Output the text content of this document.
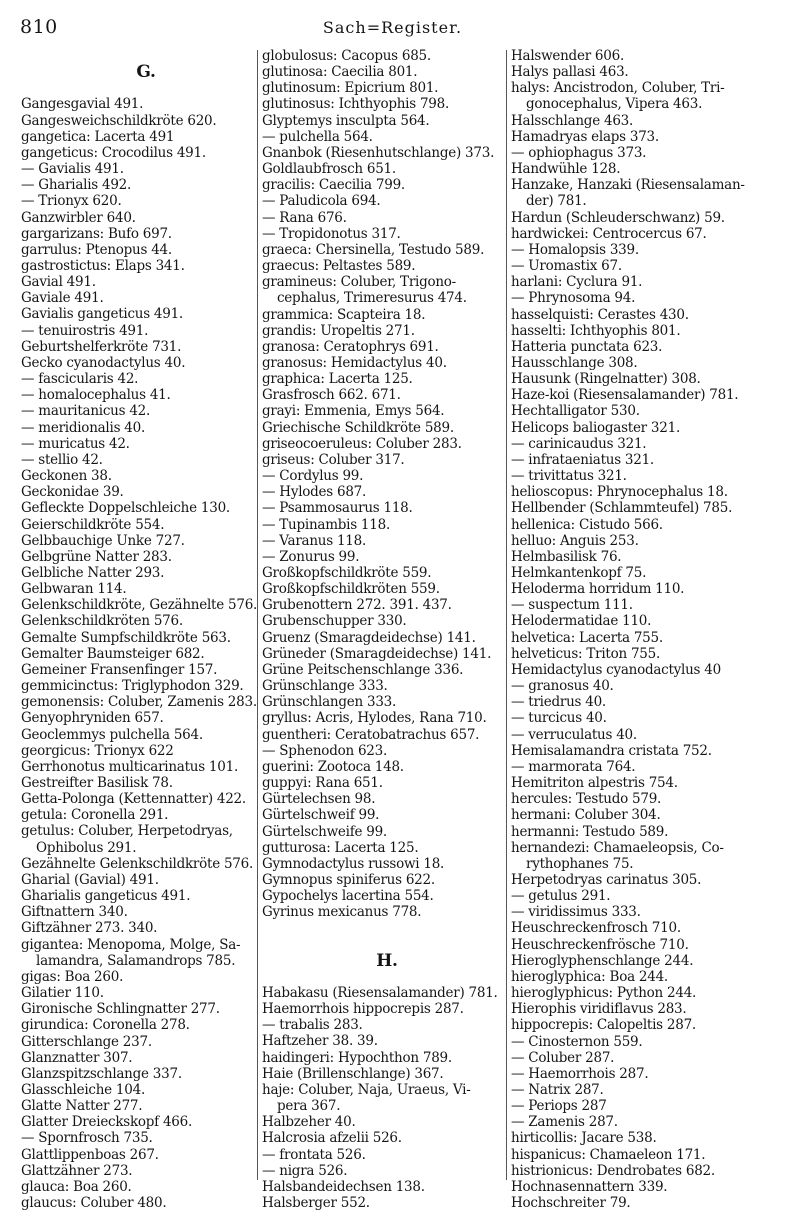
810	Sach=Register.
G.
Gangesgavial 491.
Gangesweichschildkröte 620.
gangetica: Lacerta 491
gangeticus: Crocodilus 491.
— Gavialis 491.
— Gharialis 492.
— Trionyx 620.
Ganzwirbler 640.
gargarizans: Bufo 697.
garrulus: Ptenopus 44.
gastrostictus: Elaps 341.
Gavial 491.
Gaviale 491.
Gavialis gangeticus 491.
— tenuirostris 491.
Geburtshelferkröte 731.
Gecko cyanodactylus 40.
— fascicularis 42.
— homalocephalus 41.
— mauritanicus 42.
— meridionalis 40.
— muricatus 42.
— stellio 42.
Geckonen 38.
Geckonidae 39.
Gefleckte Doppelschleiche 130.
Geierschildkröte 554.
Gelbbauchige Unke 727.
Gelbgrüne Natter 283.
Gelbliche Natter 293.
Gelbwaran 114.
Gelenkschildkröte, Gezähnelte 576.
Gelenkschildkröten 576.
Gemalte Sumpfschildkröte 563.
Gemalter Baumsteiger 682.
Gemeiner Fransenfinger 157.
gemmicinctus: Triglyphodon 329.
gemonensis: Coluber, Zamenis 283.
Genyophryniden 657.
Geoclemmys pulchella 564.
georgicus: Trionyx 622
Gerrhonotus multicarinatus 101.
Gestreifter Basilisk 78.
Getta-Polonga (Kettennatter) 422.
getula: Coronella 291.
getulus: Coluber, Herpetodryas,
Ophibolus 291.
Gezähnelte Gelenkschildkröte 576.
Gharial (Gavial) 491.
Gharialis gangeticus 491.
Giftnattern 340.
Giftzähner 273. 340.
gigantea: Menopoma, Molge, Sa-
lamandra, Salamandrops 785.
gigas: Boa 260.
Gilatier 110.
Gironische Schlingnatter 277.
girundica: Coronella 278.
Gitterschlange 237.
Glanznatter 307.
Glanzspitzschlange 337.
Glasschleiche 104.
Glatte Natter 277.
Glatter Dreieckskopf 466.
— Spornfrosch 735.
Glattlippenboas 267.
Glattzähner 273.
glauca: Boa 260.
glaucus: Coluber 480.
globulosus: Cacopus 685.
glutinosa: Caecilia 801.
glutinosum: Epicrium 801.
glutinosus: Ichthyophis 798.
Glyptemys insculpta 564.
— pulchella 564.
Gnanbok (Riesenhutschlange) 373.
Goldlaubfrosch 651.
gracilis: Caecilia 799.
— Paludicola 694.
— Rana 676.
— Tropidonotus 317.
graeca: Chersinella, Testudo 589.
graecus: Peltastes 589.
gramineus: Coluber, Trigono-
cephalus, Trimeresurus 474.
grammica: Scapteira 18.
grandis: Uropeltis 271.
granosa: Ceratophrys 691.
granosus: Hemidactylus 40.
graphica: Lacerta 125.
Grasfrosch 662. 671.
grayi: Emmenia, Emys 564.
Griechische Schildkröte 589.
griseocoeruleus: Coluber 283.
griseus: Coluber 317.
— Cordylus 99.
— Hylodes 687.
— Psammosaurus 118.
— Tupinambis 118.
— Varanus 118.
— Zonurus 99.
Großkopfschildkröte 559.
Großkopfschildkröten 559.
Grubenottern 272. 391. 437.
Grubenschupper 330.
Gruenz (Smaragdeidechse) 141.
Grüneder (Smaragdeidechse) 141.
Grüne Peitschenschlange 336.
Grünschlange 333.
Grünschlangen 333.
gryllus: Acris, Hylodes, Rana 710.
guentheri: Ceratobatrachus 657.
— Sphenodon 623.
guerini: Zootoca 148.
guppyi: Rana 651.
Gürtelechsen 98.
Gürtelschweif 99.
Gürtelschweife 99.
gutturosa: Lacerta 125.
Gymnodactylus russowi 18.
Gymnopus spiniferus 622.
Gypochelys lacertina 554.
Gyrinus mexicanus 778.
H.
Habakasu (Riesensalamander) 781.
Haemorrhois hippocrepis 287.
— trabalis 283.
Haftzeher 38. 39.
haidingeri: Hypochthon 789.
Haie (Brillenschlange) 367.
haje: Coluber, Naja, Uraeus, Vi-
pera 367.
Halbzeher 40.
Halcrosia afzelii 526.
— frontata 526.
— nigra 526.
Halsbandeidechsen 138.
Halsberger 552.
Halswender 606.
Halys pallasi 463.
halys: Ancistrodon, Coluber, Tri-
gonocephalus, Vipera 463.
Halsschlange 463.
Hamadryas elaps 373.
— ophiophagus 373.
Handwühle 128.
Hanzake, Hanzaki (Riesensalaman-
der) 781.
Hardun (Schleuderschwanz) 59.
hardwickei: Centrocercus 67.
— Homalopsis 339.
— Uromastix 67.
harlani: Cyclura 91.
— Phrynosoma 94.
hasselquisti: Cerastes 430.
hasselti: Ichthyophis 801.
Hatteria punctata 623.
Hausschlange 308.
Hausunk (Ringelnatter) 308.
Haze-koi (Riesensalamander) 781.
Hechtalligator 530.
Helicops baliogaster 321.
— carinicaudus 321.
— infrataeniatus 321.
— trivittatus 321.
helioscopus: Phrynocephalus 18.
Hellbender (Schlammteufel) 785.
hellenica: Cistudo 566.
helluo: Anguis 253.
Helmbasilisk 76.
Helmkantenkopf 75.
Heloderma horridum 110.
— suspectum 111.
Helodermatidae 110.
helvetica: Lacerta 755.
helveticus: Triton 755.
Hemidactylus cyanodactylus 40
— granosus 40.
— triedrus 40.
— turcicus 40.
— verruculatus 40.
Hemisalamandra cristata 752.
— marmorata 764.
Hemitriton alpestris 754.
hercules: Testudo 579.
hermani: Coluber 304.
hermanni: Testudo 589.
hernandezi: Chamaeleopsis, Co-
rythophanes 75.
Herpetodryas carinatus 305.
— getulus 291.
— viridissimus 333.
Heuschreckenfrosch 710.
Heuschreckenfrösche 710.
Hieroglyphenschlange 244.
hieroglyphica: Boa 244.
hieroglyphicus: Python 244.
Hierophis viridiflavus 283.
hippocrepis: Calopeltis 287.
— Cinosternon 559.
— Coluber 287.
— Haemorrhois 287.
— Natrix 287.
— Periops 287
— Zamenis 287.
hirticollis: Jacare 538.
hispanicus: Chamaeleon 171.
histrionicus: Dendrobates 682.
Hochnasennattern 339.
Hochschreiter 79.
